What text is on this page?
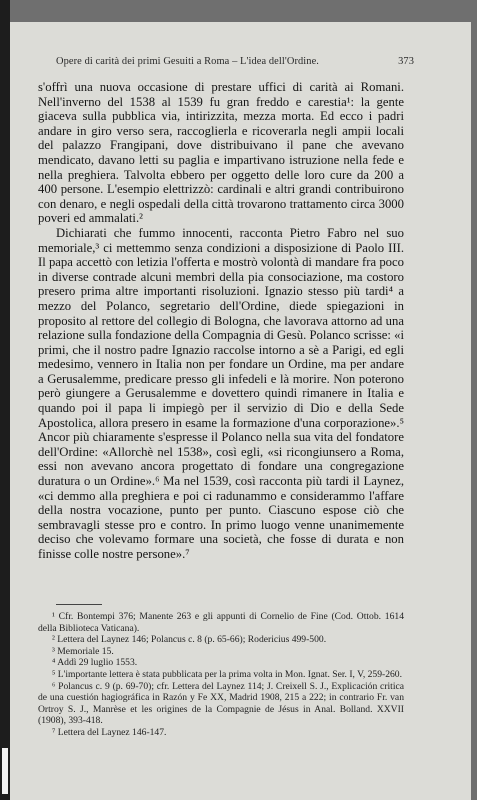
Opere di carità dei primi Gesuiti a Roma – L'idea dell'Ordine.	373

s'offrì una nuova occasione di prestare uffici di carità ai Romani. Nell'inverno del 1538 al 1539 fu gran freddo e carestia¹: la gente giaceva sulla pubblica via, intirizzita, mezza morta. Ed ecco i padri andare in giro verso sera, raccoglierla e ricoverarla negli ampii locali del palazzo Frangipani, dove distribuivano il pane che avevano mendicato, davano letti su paglia e impartivano istruzione nella fede e nella preghiera. Talvolta ebbero per oggetto delle loro cure da 200 a 400 persone. L'esempio elettrizzò: cardinali e altri grandi contribuirono con denaro, e negli ospedali della città trovarono trattamento circa 3000 poveri ed ammalati.²

Dichiarati che fummo innocenti, racconta Pietro Fabro nel suo memoriale,³ ci mettemmo senza condizioni a disposizione di Paolo III. Il papa accettò con letizia l'offerta e mostrò volontà di mandare fra poco in diverse contrade alcuni membri della pia consociazione, ma costoro presero prima altre importanti risoluzioni. Ignazio stesso più tardi⁴ a mezzo del Polanco, segretario dell'Ordine, diede spiegazioni in proposito al rettore del collegio di Bologna, che lavorava attorno ad una relazione sulla fondazione della Compagnia di Gesù. Polanco scrisse: «i primi, che il nostro padre Ignazio raccolse intorno a sè a Parigi, ed egli medesimo, vennero in Italia non per fondare un Ordine, ma per andare a Gerusalemme, predicare presso gli infedeli e là morire. Non poterono però giungere a Gerusalemme e dovettero quindi rimanere in Italia e quando poi il papa li impiegò per il servizio di Dio e della Sede Apostolica, allora presero in esame la formazione d'una corporazione».⁵ Ancor più chiaramente s'espresse il Polanco nella sua vita del fondatore dell'Ordine: «Allorchè nel 1538», così egli, «si ricongiunsero a Roma, essi non avevano ancora progettato di fondare una congregazione duratura o un Ordine».⁶ Ma nel 1539, così racconta più tardi il Laynez, «ci demmo alla preghiera e poi ci radunammo e considerammo l'affare della nostra vocazione, punto per punto. Ciascuno espose ciò che sembravagli stesse pro e contro. In primo luogo venne unanimemente deciso che volevamo formare una società, che fosse di durata e non finisse colle nostre persone».⁷

¹ Cfr. Bontempi 376; Manente 263 e gli appunti di Cornelio de Fine (Cod. Ottob. 1614 della Biblioteca Vaticana).
² Lettera del Laynez 146; Polancus c. 8 (p. 65-66); Rodericius 499-500.
³ Memoriale 15.
⁴ Addì 29 luglio 1553.
⁵ L'importante lettera è stata pubblicata per la prima volta in Mon. Ignat. Ser. I, V, 259-260.
⁶ Polancus c. 9 (p. 69-70); cfr. Lettera del Laynez 114; J. Creixell S. J., Explicación critica de una cuestión hagiográfica in Razón y Fe XX, Madrid 1908, 215 a 222; in contrario Fr. van Ortroy S. J., Manrèse et les origines de la Compagnie de Jésus in Anal. Bolland. XXVII (1908), 393-418.
⁷ Lettera del Laynez 146-147.
